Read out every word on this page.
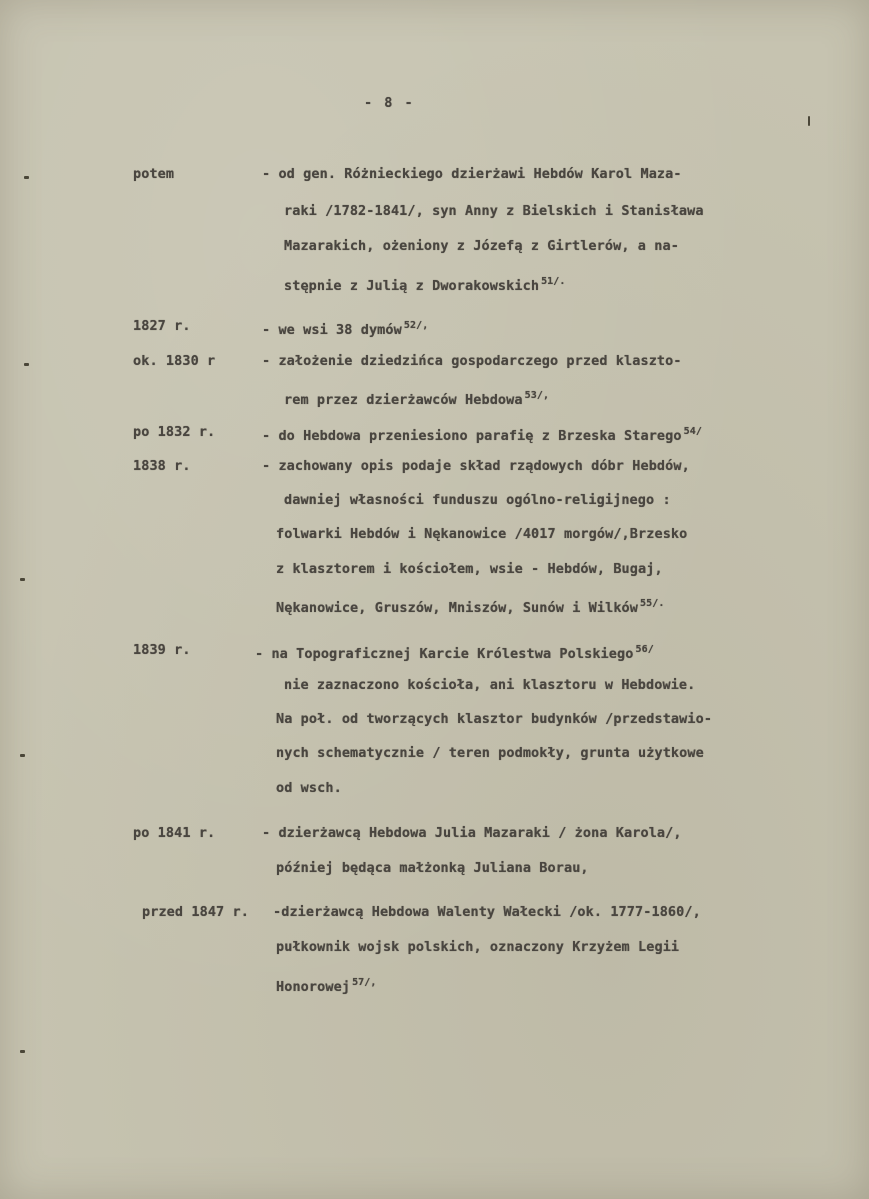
- 8 -
potem	- od gen. Różnieckiego dzierżawi Hebdów Karol Mazа-
raki /1782-1841/, syn Anny z Bielskich i Stanisława
Mazarakich, ożeniony z Józefą z Girtlerów, a na-
stępnie z Julią z Dworakowskich $^{51/.}$
1827 r.	- we wsi 38 dymów $^{52/,}$
ok. 1830 r	- założenie dziedzińca gospodarczego przed klaszto-
rem przez dzierżawców Hebdowa $^{53/,}$
po 1832 r.	- do Hebdowa przeniesiono parafię z Brzeska Starego $^{54/}$
1838 r.	- zachowany opis podaje skład rządowych dóbr Hebdów,
dawniej własności funduszu ogólno-religijnego :
folwarki Hebdów i Nękanowice /4017 morgów/,Brzesko
z klasztorem i kościołem, wsie - Hebdów, Bugaj,
Nękanowice, Gruszów, Mniszów, Sunów i Wilków $^{55/.}$
1839 r.	- na Topograficznej Karcie Królestwa Polskiego $^{56/}$
nie zaznaczono kościoła, ani klasztoru w Hebdowie.
Na poł. od tworzących klasztor budynków /przedstawio-
nych schematycznie / teren podmokły, grunta użytkowe
od wsch.
po 1841 r.	- dzierżawcą Hebdowa Julia Mazaraki / żona Karola/,
później będąca małżonką Juliana Borau,
przed 1847 r.	-dzierżawcą Hebdowa Walenty Wałecki /ok. 1777-1860/,
pułkownik wojsk polskich, oznaczony Krzyżem Legii
Honorowej $^{57/,}$
